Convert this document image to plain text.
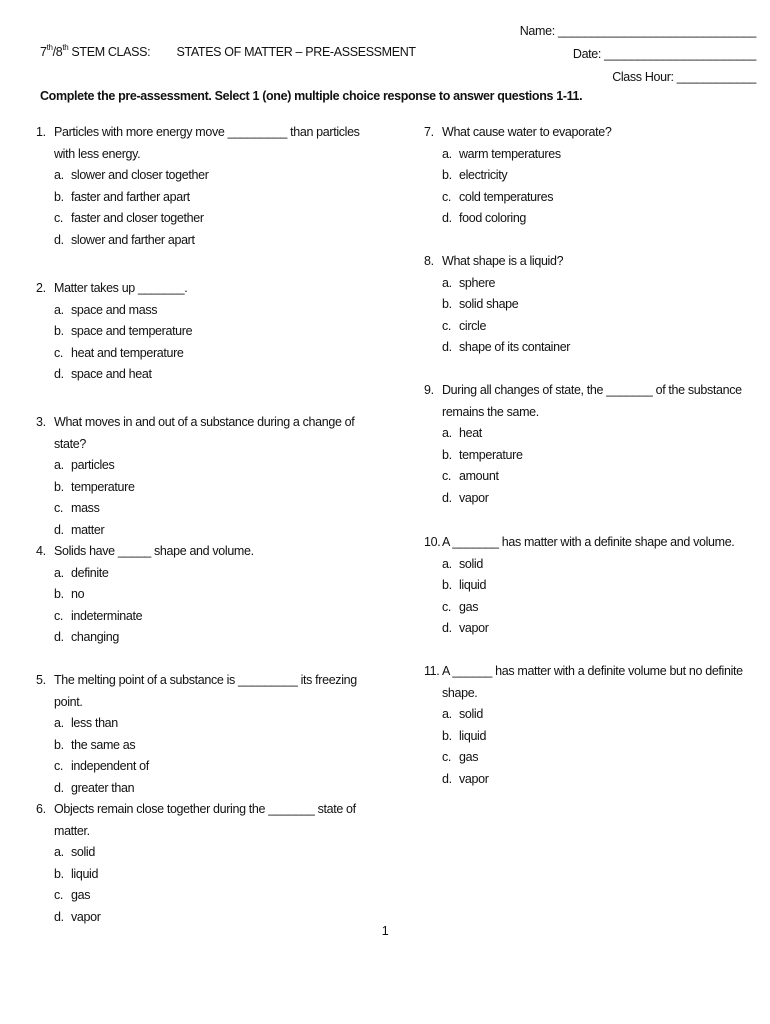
Name: ______________________________
Date: _______________________
Class Hour: ____________
7th/8th STEM CLASS: STATES OF MATTER – PRE-ASSESSMENT
Complete the pre-assessment. Select 1 (one) multiple choice response to answer questions 1-11.
1. Particles with more energy move _________ than particles with less energy.
a. slower and closer together
b. faster and farther apart
c. faster and closer together
d. slower and farther apart
2. Matter takes up _______.
a. space and mass
b. space and temperature
c. heat and temperature
d. space and heat
3. What moves in and out of a substance during a change of state?
a. particles
b. temperature
c. mass
d. matter
4. Solids have _____ shape and volume.
a. definite
b. no
c. indeterminate
d. changing
5. The melting point of a substance is _________ its freezing point.
a. less than
b. the same as
c. independent of
d. greater than
6. Objects remain close together during the _______ state of matter.
a. solid
b. liquid
c. gas
d. vapor
7. What cause water to evaporate?
a. warm temperatures
b. electricity
c. cold temperatures
d. food coloring
8. What shape is a liquid?
a. sphere
b. solid shape
c. circle
d. shape of its container
9. During all changes of state, the _______ of the substance remains the same.
a. heat
b. temperature
c. amount
d. vapor
10. A _______ has matter with a definite shape and volume.
a. solid
b. liquid
c. gas
d. vapor
11. A ______ has matter with a definite volume but no definite shape.
a. solid
b. liquid
c. gas
d. vapor
1
